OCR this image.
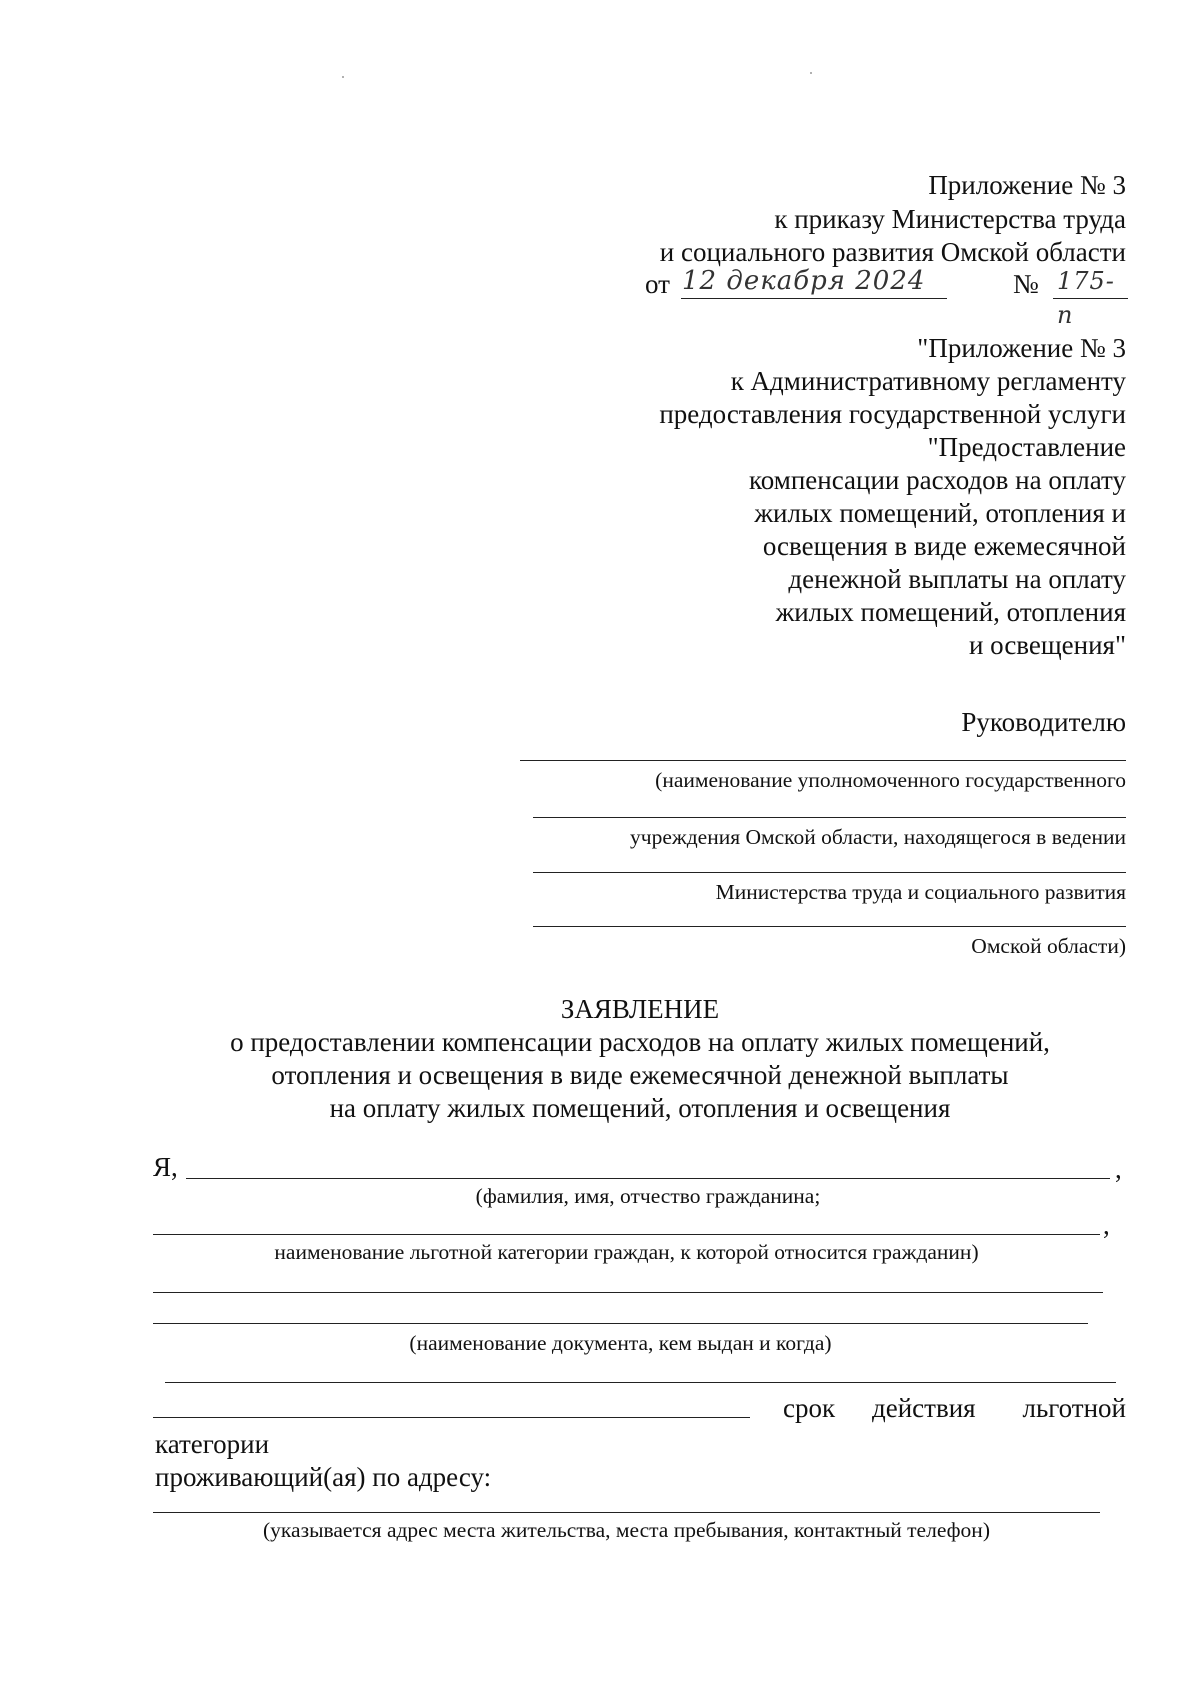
Приложение № 3
к приказу Министерства труда
и социального развития Омской области
от 12 декабря 2024	№ 175-п
"Приложение № 3
к Административному регламенту
предоставления государственной услуги
"Предоставление
компенсации расходов на оплату
жилых помещений, отопления и
освещения в виде ежемесячной
денежной выплаты на оплату
жилых помещений, отопления
и освещения"
Руководителю
(наименование уполномоченного государственного
учреждения Омской области, находящегося в ведении
Министерства труда и социального развития
Омской области)
ЗАЯВЛЕНИЕ
о предоставлении компенсации расходов на оплату жилых помещений,
отопления и освещения в виде ежемесячной денежной выплаты
на оплату жилых помещений, отопления и освещения
Я,	,
(фамилия, имя, отчество гражданина;
,
наименование льготной категории граждан, к которой относится гражданин)
(наименование документа, кем выдан и когда)
срок действия льготной
категории
проживающий(ая) по адресу:
(указывается адрес места жительства, места пребывания, контактный телефон)
